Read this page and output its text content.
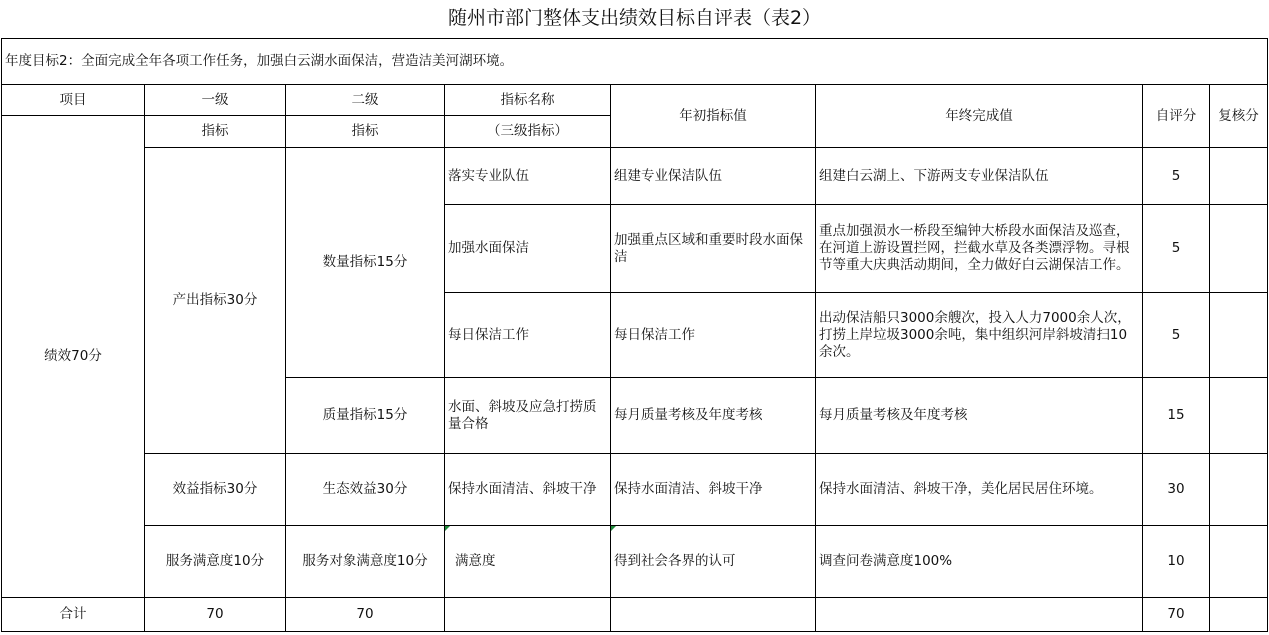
随州市部门整体支出绩效目标自评表（表2）
年度目标2：全面完成全年各项工作任务，加强白云湖水面保洁，营造洁美河湖环境。							
项目	一级	二级	指标名称	年初指标值	年终完成值	自评分	复核分
绩效70分	指标	指标	（三级指标）				
	产出指标30分	数量指标15分	落实专业队伍	组建专业保洁队伍	组建白云湖上、下游两支专业保洁队伍	5	
			加强水面保洁	加强重点区域和重要时段水面保洁	重点加强涢水一桥段至编钟大桥段水面保洁及巡查，在河道上游设置拦网，拦截水草及各类漂浮物。寻根节等重大庆典活动期间，全力做好白云湖保洁工作。	5	
			每日保洁工作	每日保洁工作	出动保洁船只3000余艘次，投入人力7000余人次，打捞上岸垃圾3000余吨，集中组织河岸斜坡清扫10余次。	5	
		质量指标15分	水面、斜坡及应急打捞质量合格	每月质量考核及年度考核	每月质量考核及年度考核	15	
	效益指标30分	生态效益30分	保持水面清洁、斜坡干净	保持水面清洁、斜坡干净	保持水面清洁、斜坡干净，美化居民居住环境。	30	
	服务满意度10分	服务对象满意度10分	满意度	得到社会各界的认可	调查问卷满意度100%	10	
合计	70	70				70	
